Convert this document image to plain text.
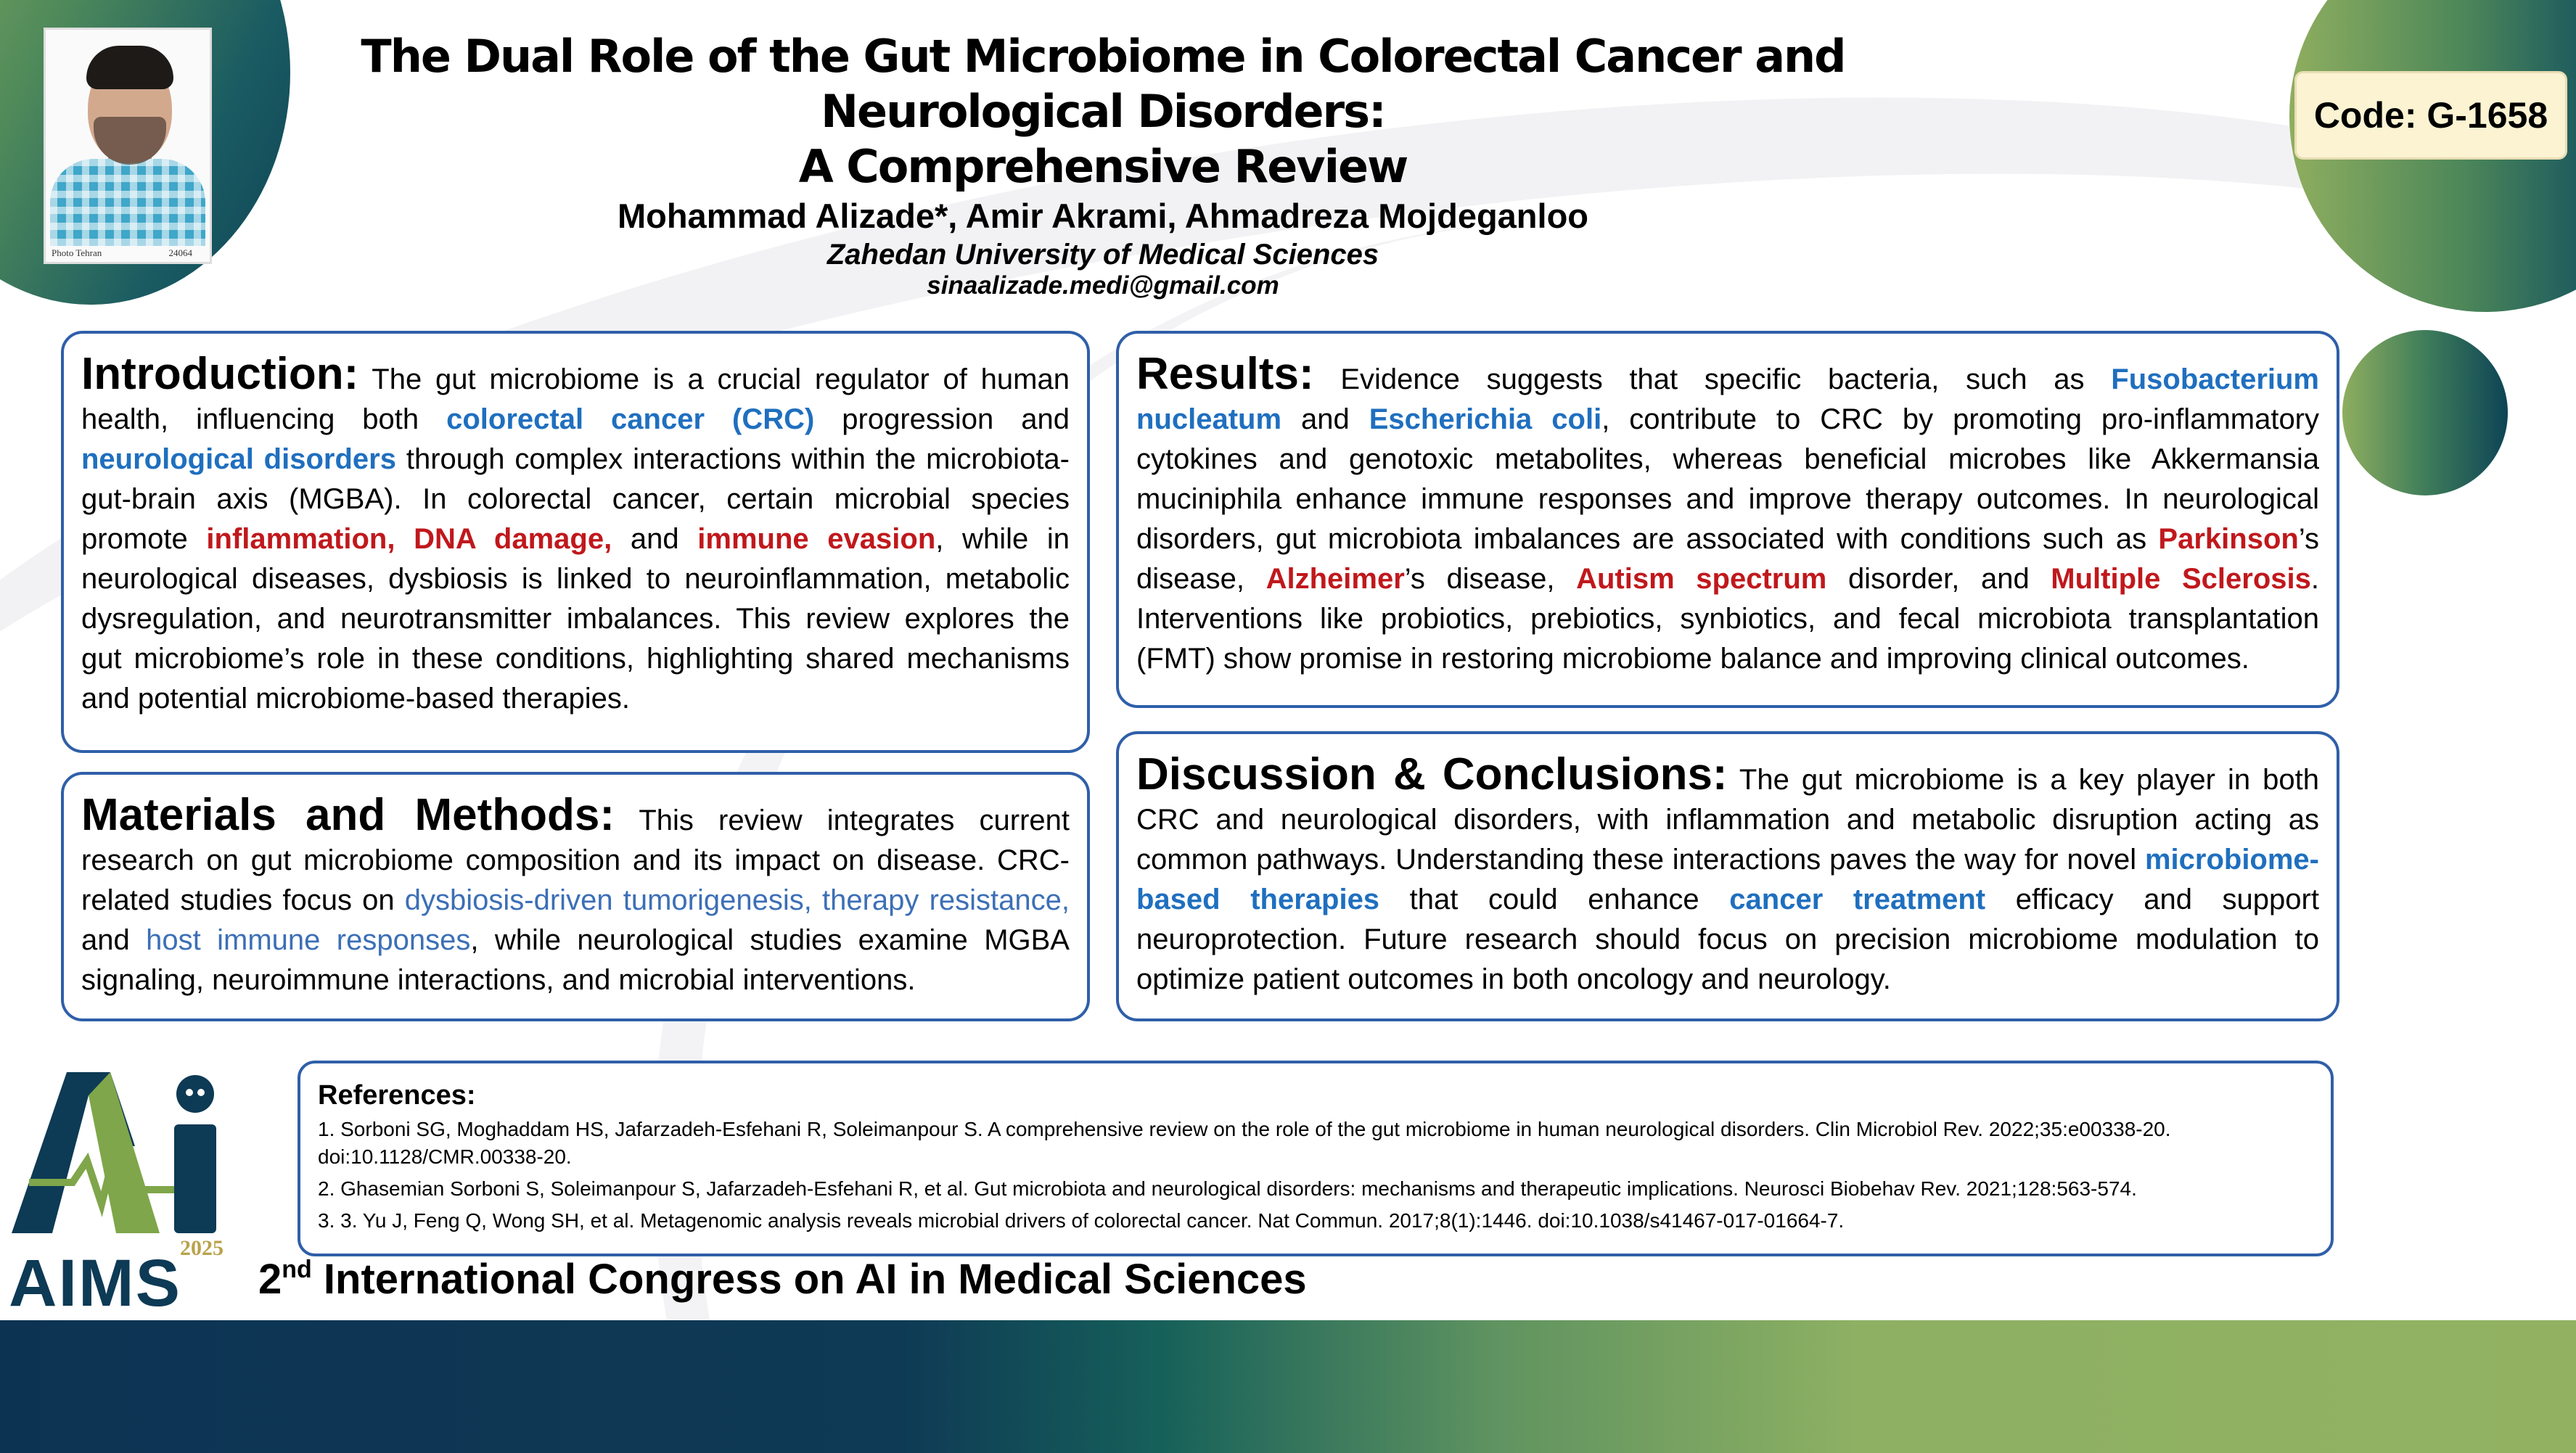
Photo Tehran	24064
The Dual Role of the Gut Microbiome in Colorectal Cancer and Neurological Disorders:
A Comprehensive Review
Mohammad Alizade*, Amir Akrami, Ahmadreza Mojdeganloo
Zahedan University of Medical Sciences
sinaalizade.medi@gmail.com
Code: G-1658
Introduction: The gut microbiome is a crucial regulator of human health, influencing both colorectal cancer (CRC) progression and neurological disorders through complex interactions within the microbiota-gut-brain axis (MGBA). In colorectal cancer, certain microbial species promote inflammation, DNA damage, and immune evasion, while in neurological diseases, dysbiosis is linked to neuroinflammation, metabolic dysregulation, and neurotransmitter imbalances. This review explores the gut microbiome’s role in these conditions, highlighting shared mechanisms and potential microbiome-based therapies.
Materials and Methods: This review integrates current research on gut microbiome composition and its impact on disease. CRC-related studies focus on dysbiosis-driven tumorigenesis, therapy resistance, and host immune responses, while neurological studies examine MGBA signaling, neuroimmune interactions, and microbial interventions.
Results: Evidence suggests that specific bacteria, such as Fusobacterium nucleatum and Escherichia coli, contribute to CRC by promoting pro-inflammatory cytokines and genotoxic metabolites, whereas beneficial microbes like Akkermansia muciniphila enhance immune responses and improve therapy outcomes. In neurological disorders, gut microbiota imbalances are associated with conditions such as Parkinson’s disease, Alzheimer’s disease, Autism spectrum disorder, and Multiple Sclerosis. Interventions like probiotics, prebiotics, synbiotics, and fecal microbiota transplantation (FMT) show promise in restoring microbiome balance and improving clinical outcomes.
Discussion & Conclusions: The gut microbiome is a key player in both CRC and neurological disorders, with inflammation and metabolic disruption acting as common pathways. Understanding these interactions paves the way for novel microbiome-based therapies that could enhance cancer treatment efficacy and support neuroprotection. Future research should focus on precision microbiome modulation to optimize patient outcomes in both oncology and neurology.
References:
1. Sorboni SG, Moghaddam HS, Jafarzadeh-Esfehani R, Soleimanpour S. A comprehensive review on the role of the gut microbiome in human neurological disorders. Clin Microbiol Rev. 2022;35:e00338-20. doi:10.1128/CMR.00338-20.
2. Ghasemian Sorboni S, Soleimanpour S, Jafarzadeh-Esfehani R, et al. Gut microbiota and neurological disorders: mechanisms and therapeutic implications. Neurosci Biobehav Rev. 2021;128:563-574.
3. 3. Yu J, Feng Q, Wong SH, et al. Metagenomic analysis reveals microbial drivers of colorectal cancer. Nat Commun. 2017;8(1):1446. doi:10.1038/s41467-017-01664-7.
2025
AIMS 2nd International Congress on AI in Medical Sciences
